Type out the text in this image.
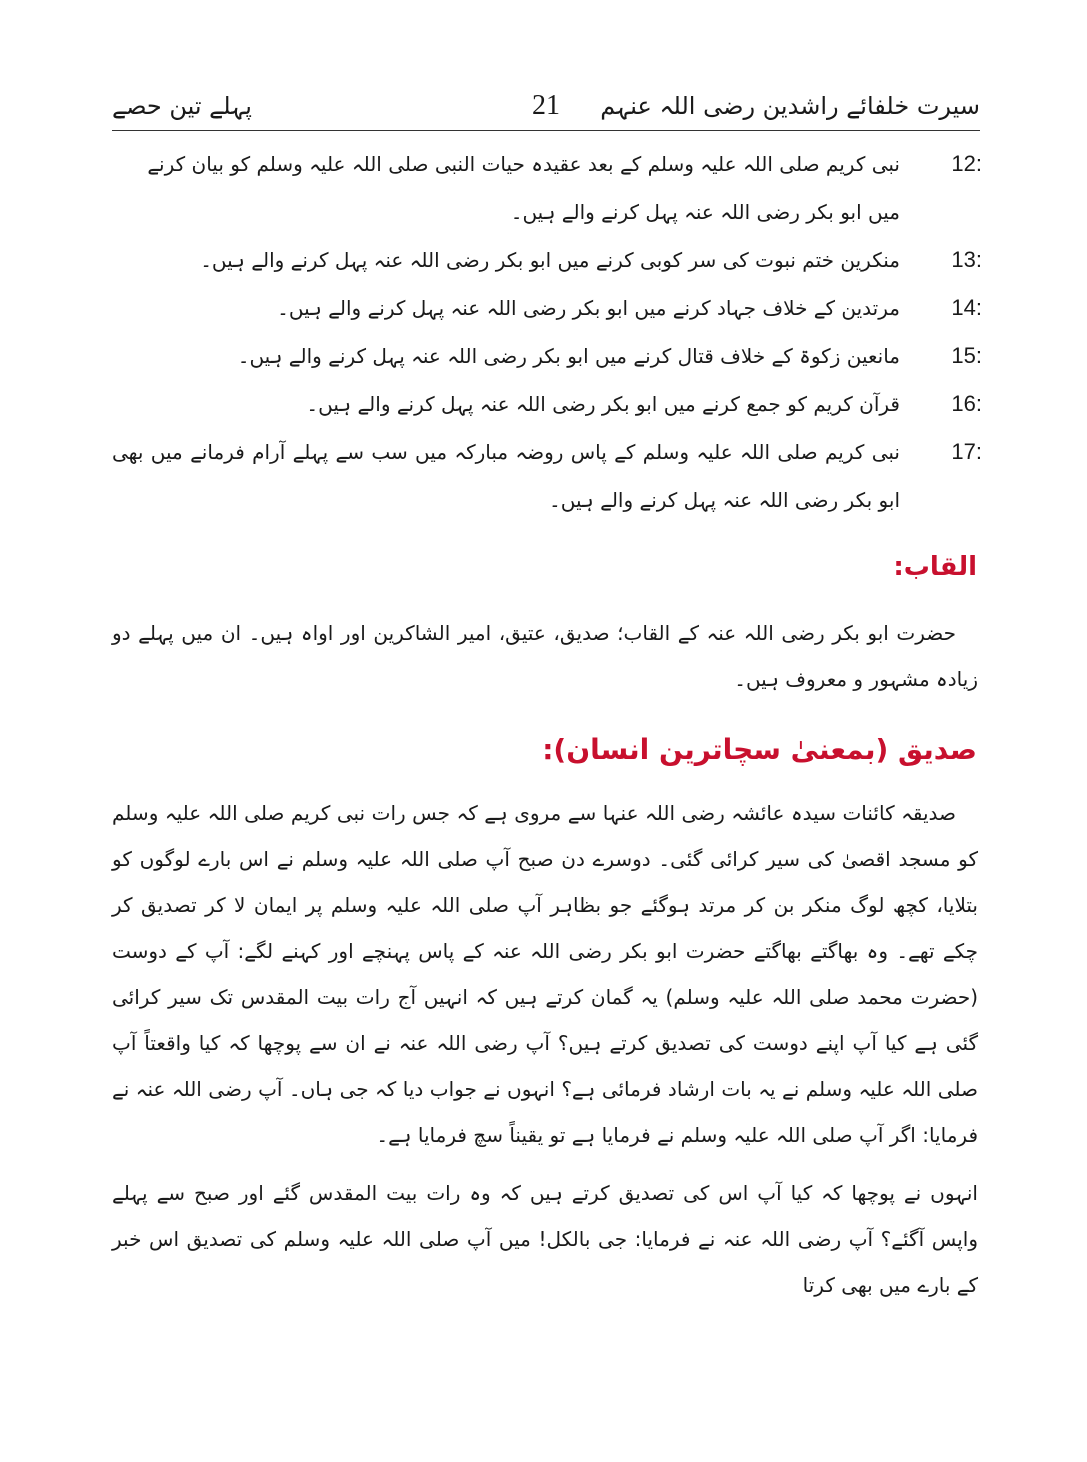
سیرت خلفائے راشدین رضی اللہ عنہم
21
پہلے تین حصے
12:
نبی کریم صلی اللہ علیہ وسلم کے بعد عقیدہ حیات النبی صلی اللہ علیہ وسلم کو بیان کرنے میں ابو بکر رضی اللہ عنہ پہل کرنے والے ہیں۔
13:
منکرین ختم نبوت کی سر کوبی کرنے میں ابو بکر رضی اللہ عنہ پہل کرنے والے ہیں۔
14:
مرتدین کے خلاف جہاد کرنے میں ابو بکر رضی اللہ عنہ پہل کرنے والے ہیں۔
15:
مانعین زکوۃ کے خلاف قتال کرنے میں ابو بکر رضی اللہ عنہ پہل کرنے والے ہیں۔
16:
قرآن کریم کو جمع کرنے میں ابو بکر رضی اللہ عنہ پہل کرنے والے ہیں۔
17:
نبی کریم صلی اللہ علیہ وسلم کے پاس روضہ مبارکہ میں سب سے پہلے آرام فرمانے میں بھی ابو بکر رضی اللہ عنہ پہل کرنے والے ہیں۔
القاب:
حضرت ابو بکر رضی اللہ عنہ کے القاب؛ صدیق، عتیق، امیر الشاکرین اور اواہ ہیں۔ ان میں پہلے دو زیادہ مشہور و معروف ہیں۔
صدیق (بمعنیٰ سچاترین انسان):
صدیقہ کائنات سیدہ عائشہ رضی اللہ عنہا سے مروی ہے کہ جس رات نبی کریم صلی اللہ علیہ وسلم کو مسجد اقصیٰ کی سیر کرائی گئی۔ دوسرے دن صبح آپ صلی اللہ علیہ وسلم نے اس بارے لوگوں کو بتلایا، کچھ لوگ منکر بن کر مرتد ہوگئے جو بظاہر آپ صلی اللہ علیہ وسلم پر ایمان لا کر تصدیق کر چکے تھے۔ وہ بھاگتے بھاگتے حضرت ابو بکر رضی اللہ عنہ کے پاس پہنچے اور کہنے لگے: آپ کے دوست (حضرت محمد صلی اللہ علیہ وسلم) یہ گمان کرتے ہیں کہ انہیں آج رات بیت المقدس تک سیر کرائی گئی ہے کیا آپ اپنے دوست کی تصدیق کرتے ہیں؟ آپ رضی اللہ عنہ نے ان سے پوچھا کہ کیا واقعتاً آپ صلی اللہ علیہ وسلم نے یہ بات ارشاد فرمائی ہے؟ انہوں نے جواب دیا کہ جی ہاں۔ آپ رضی اللہ عنہ نے فرمایا: اگر آپ صلی اللہ علیہ وسلم نے فرمایا ہے تو یقیناً سچ فرمایا ہے۔
انہوں نے پوچھا کہ کیا آپ اس کی تصدیق کرتے ہیں کہ وہ رات بیت المقدس گئے اور صبح سے پہلے واپس آگئے؟ آپ رضی اللہ عنہ نے فرمایا: جی بالکل! میں آپ صلی اللہ علیہ وسلم کی تصدیق اس خبر کے بارے میں بھی کرتا
